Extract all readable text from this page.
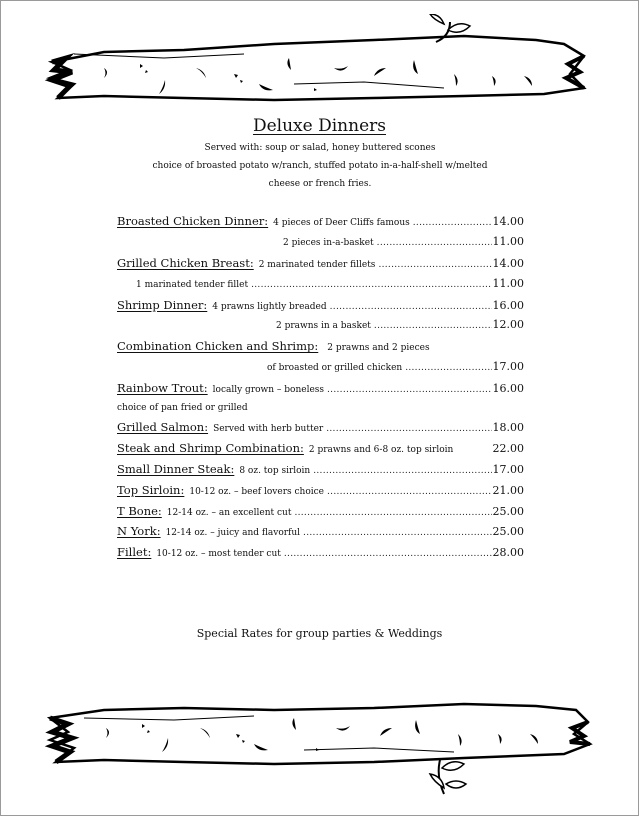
Deluxe Dinners
Served with: soup or salad, honey buttered scones
choice of broasted potato w/ranch, stuffed potato in-a-half-shell w/melted
cheese or french fries.
Broasted Chicken Dinner: 4 pieces of Deer Cliffs famous .....	14.00
2 pieces in-a-basket .....	11.00
Grilled Chicken Breast: 2 marinated tender fillets .....	14.00
1 marinated tender fillet .....	11.00
Shrimp Dinner: 4 prawns lightly breaded .....	16.00
2 prawns in a basket .....	12.00
Combination Chicken and Shrimp: 2 prawns and 2 pieces
of broasted or grilled chicken .....	17.00
Rainbow Trout: locally grown – boneless .....	16.00
choice of pan fried or grilled
Grilled Salmon: Served with herb butter .....	18.00
Steak and Shrimp Combination: 2 prawns and 6-8 oz. top sirloin	22.00
Small Dinner Steak: 8 oz. top sirloin .....	17.00
Top Sirloin: 10-12 oz. – beef lovers choice .....	21.00
T Bone: 12-14 oz. – an excellent cut .....	25.00
N York: 12-14 oz. – juicy and flavorful .....	25.00
Fillet: 10-12 oz. – most tender cut .....	28.00
Special Rates for group parties & Weddings
